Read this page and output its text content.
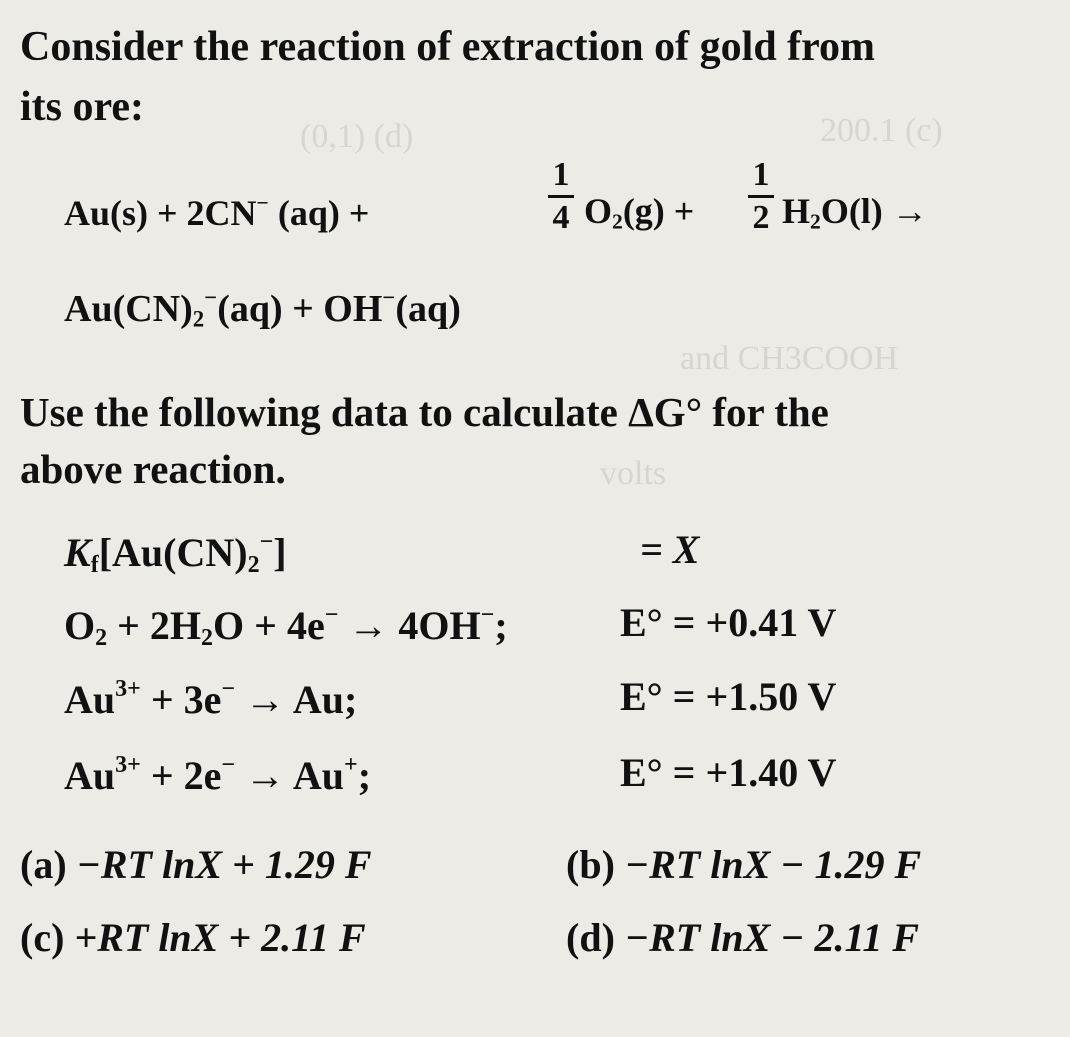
(0,1) (d)	200.1 (c)
and CH3COOH
volts
Consider the reaction of extraction of gold from
its ore:
Au(s) + 2CN− (aq) +
1
4 $O_2(g)$ +
1
2 $H_2O(l)$ →
$Au(CN)_2^-(aq) + OH^-(aq)$
Use the following data to calculate ΔG° for the
above reaction.
$K_f[Au(CN)_2^-]$	= X
$O_2 + 2H_2O + 4e^- \to 4OH^-$;	E° = +0.41 V
$Au^{3+} + 3e^- \to Au$;	E° = +1.50 V
$Au^{3+} + 2e^- \to Au^+$;	E° = +1.40 V
(a) −RT lnX + 1.29 F	(b) −RT lnX − 1.29 F
(c) +RT lnX + 2.11 F	(d) −RT lnX − 2.11 F
